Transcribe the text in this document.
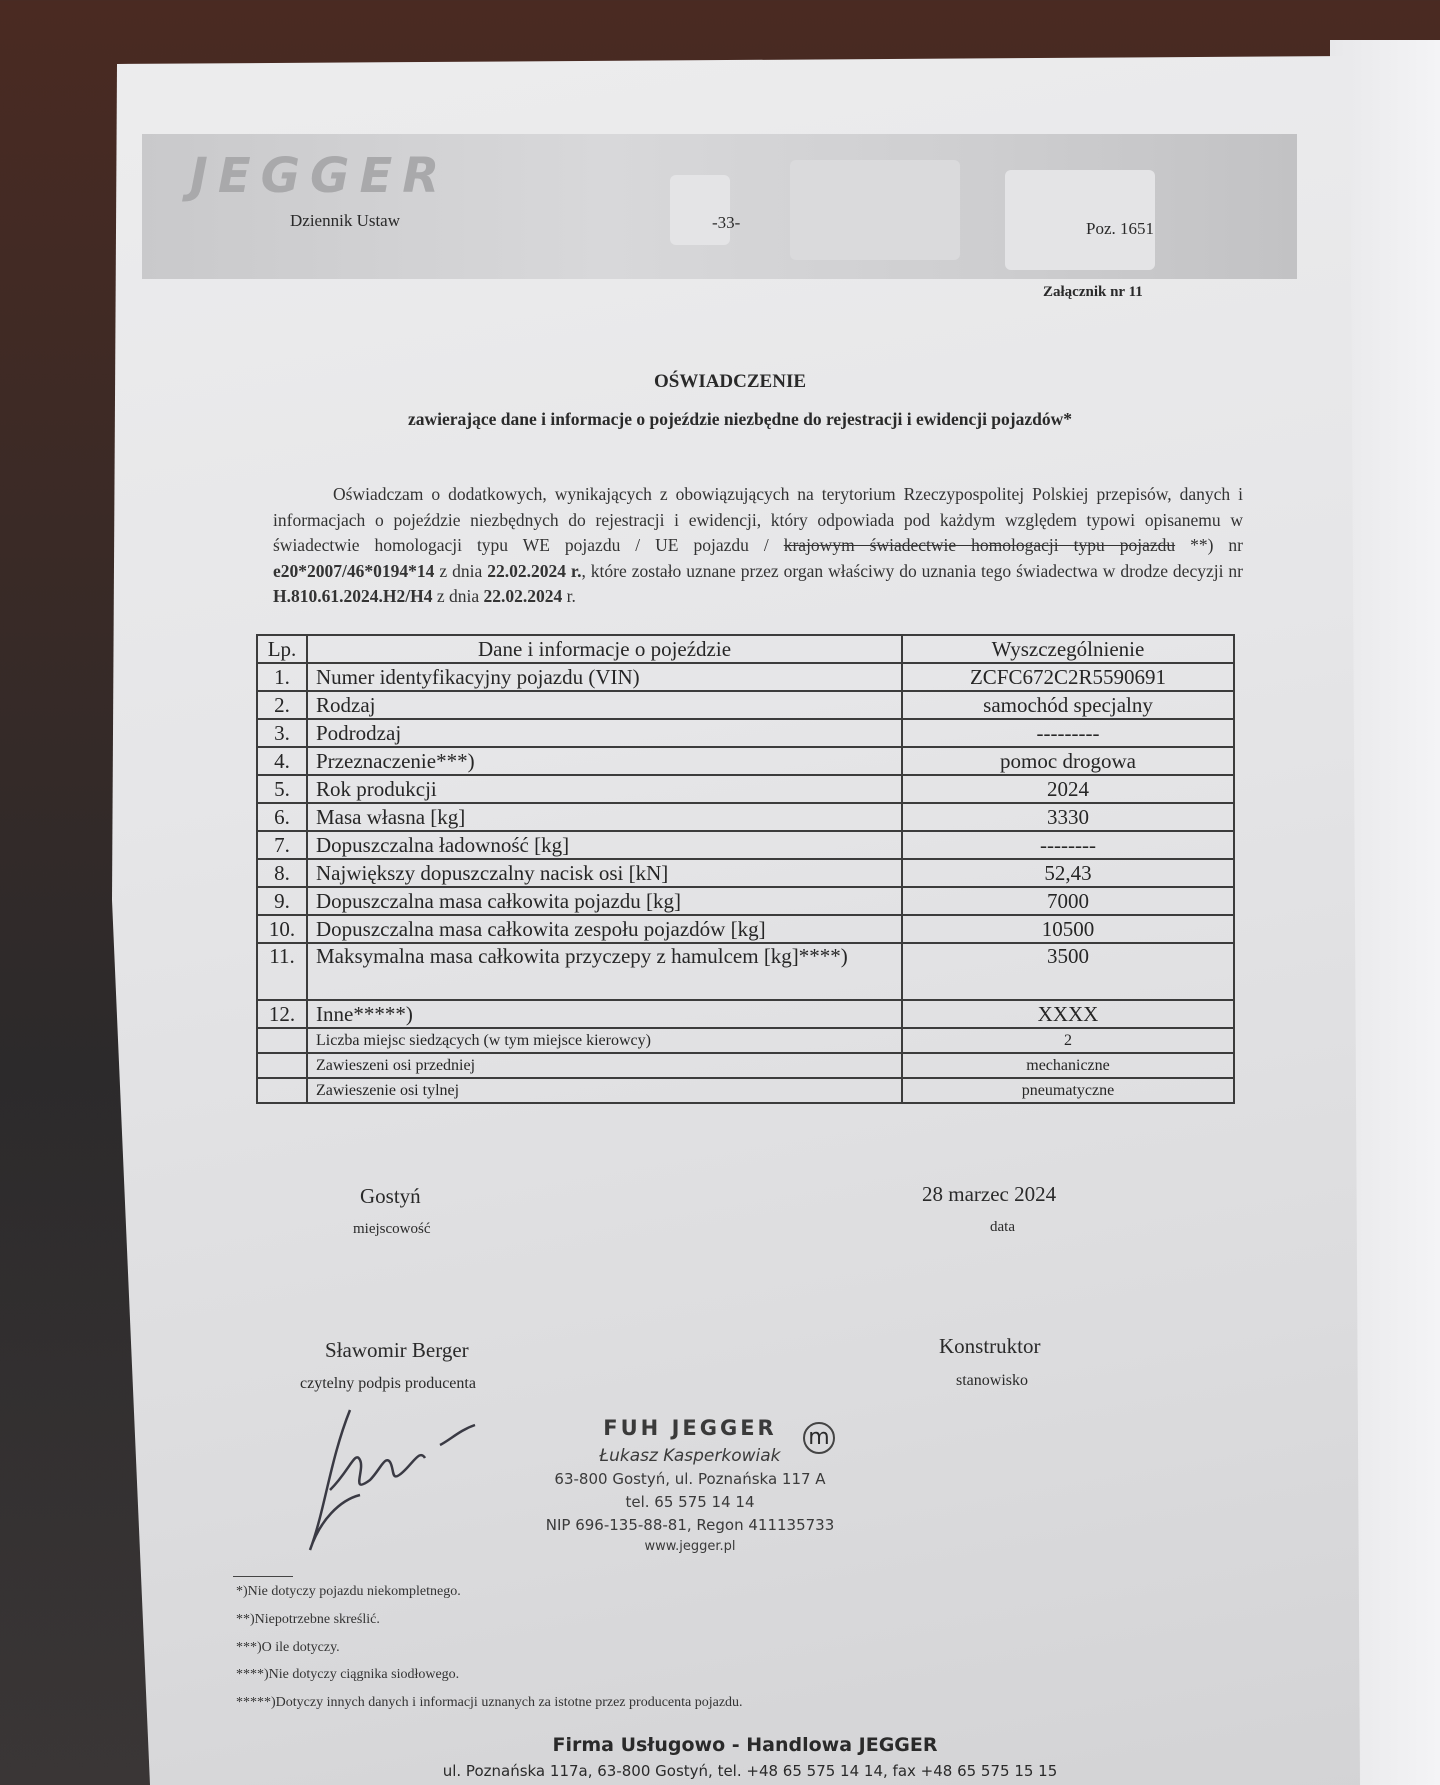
JEGGER
Dziennik Ustaw	-33-	Poz. 1651
Załącznik nr 11
OŚWIADCZENIE
zawierające dane i informacje o pojeździe niezbędne do rejestracji i ewidencji pojazdów*
Oświadczam o dodatkowych, wynikających z obowiązujących na terytorium Rzeczypospolitej Polskiej przepisów, danych i informacjach o pojeździe niezbędnych do rejestracji i ewidencji, który odpowiada pod każdym względem typowi opisanemu w świadectwie homologacji typu WE pojazdu / UE pojazdu / krajowym świadectwie homologacji typu pojazdu **) nr e20*2007/46*0194*14 z dnia 22.02.2024 r., które zostało uznane przez organ właściwy do uznania tego świadectwa w drodze decyzji nr H.810.61.2024.H2/H4 z dnia 22.02.2024 r.
Lp.	Dane i informacje o pojeździe	Wyszczególnienie
1.	Numer identyfikacyjny pojazdu (VIN)	ZCFC672C2R5590691
2.	Rodzaj	samochód specjalny
3.	Podrodzaj	---------
4.	Przeznaczenie***)	pomoc drogowa
5.	Rok produkcji	2024
6.	Masa własna [kg]	3330
7.	Dopuszczalna ładowność [kg]	--------
8.	Największy dopuszczalny nacisk osi [kN]	52,43
9.	Dopuszczalna masa całkowita pojazdu [kg]	7000
10.	Dopuszczalna masa całkowita zespołu pojazdów [kg]	10500
11.	Maksymalna masa całkowita przyczepy z hamulcem [kg]****)	3500
12.	Inne*****)	XXXX
	Liczba miejsc siedzących (w tym miejsce kierowcy)	2
	Zawieszeni osi przedniej	mechaniczne
	Zawieszenie osi tylnej	pneumatyczne
Gostyń
miejscowość
28 marzec 2024
data
Sławomir Berger
czytelny podpis producenta
Konstruktor
stanowisko
FUH JEGGER	m
Łukasz Kasperkowiak
63-800 Gostyń, ul. Poznańska 117 A
tel. 65 575 14 14
NIP 696-135-88-81, Regon 411135733
www.jegger.pl
*)Nie dotyczy pojazdu niekompletnego.
**)Niepotrzebne skreślić.
***)O ile dotyczy.
****)Nie dotyczy ciągnika siodłowego.
*****)Dotyczy innych danych i informacji uznanych za istotne przez producenta pojazdu.
Firma Usługowo - Handlowa JEGGER
ul. Poznańska 117a, 63-800 Gostyń, tel. +48 65 575 14 14, fax +48 65 575 15 15
